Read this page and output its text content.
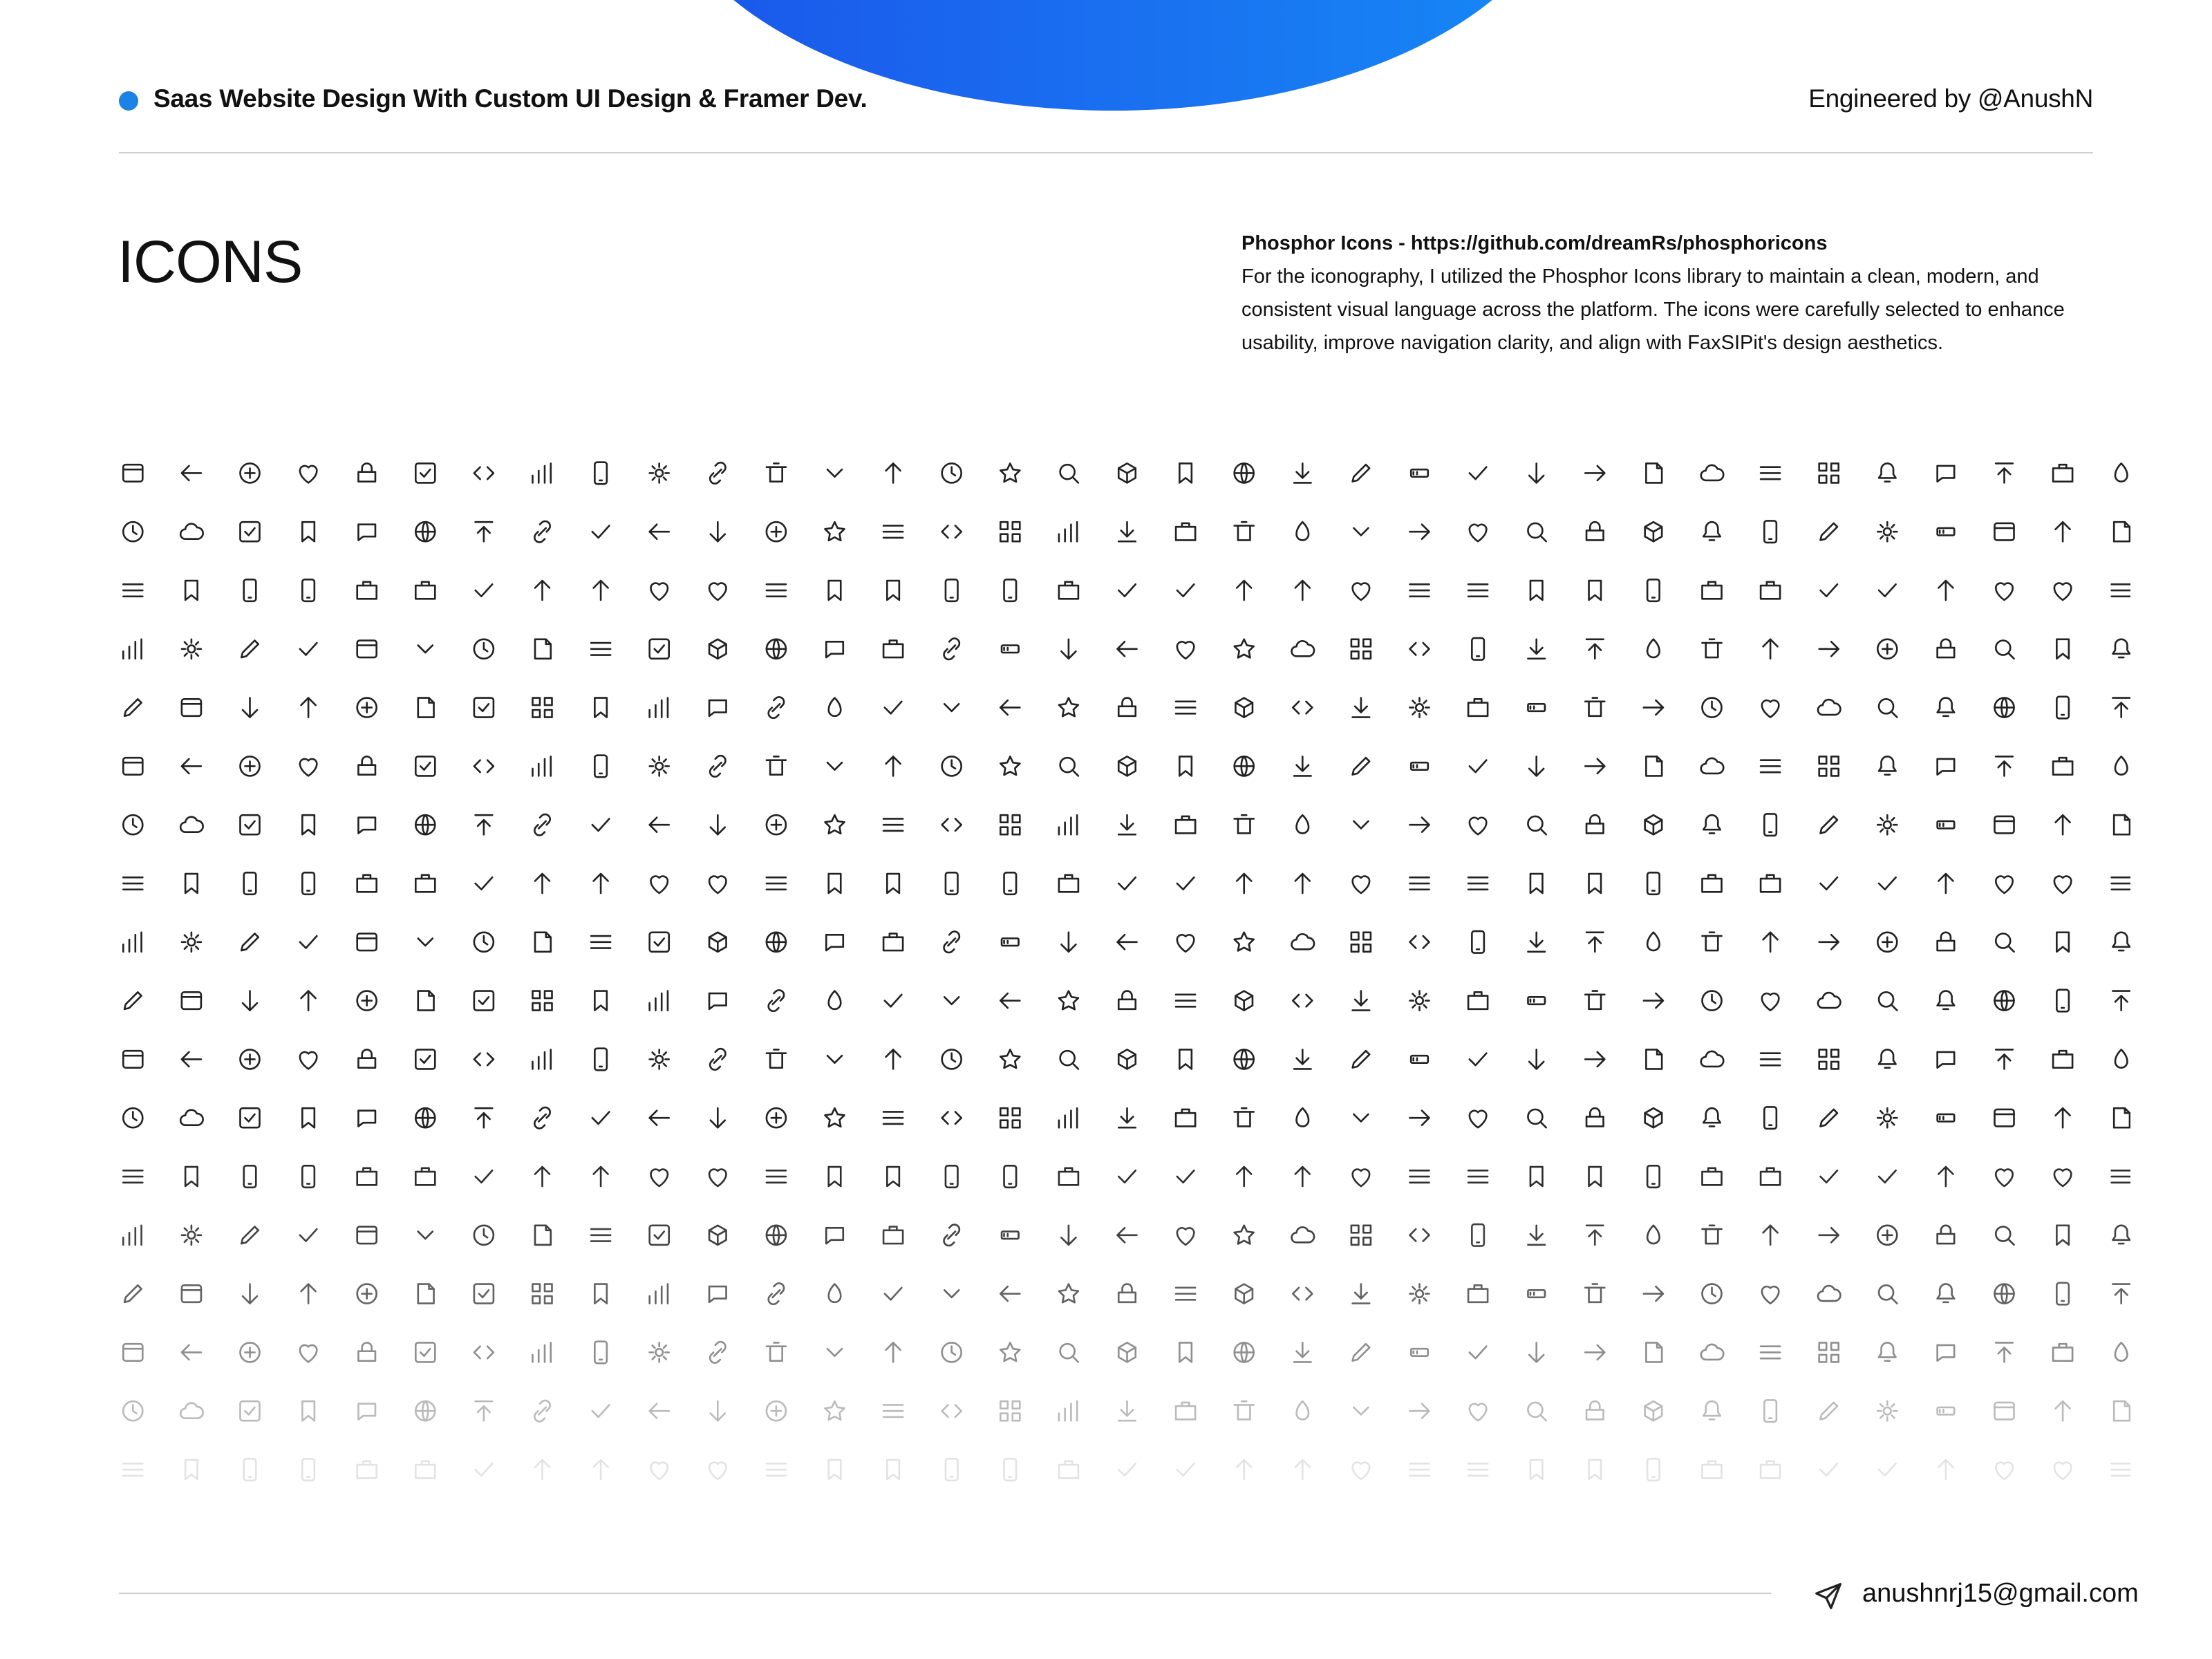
Saas Website Design With Custom UI Design & Framer Dev.	Engineered by @AnushN
ICONS	Phosphor Icons - https://github.com/dreamRs/phosphoricons
For the iconography, I utilized the Phosphor Icons library to maintain a clean, modern, and consistent visual language across the platform. The icons were carefully selected to enhance usability, improve navigation clarity, and align with FaxSIPit's design aesthetics.
anushnrj15@gmail.com
